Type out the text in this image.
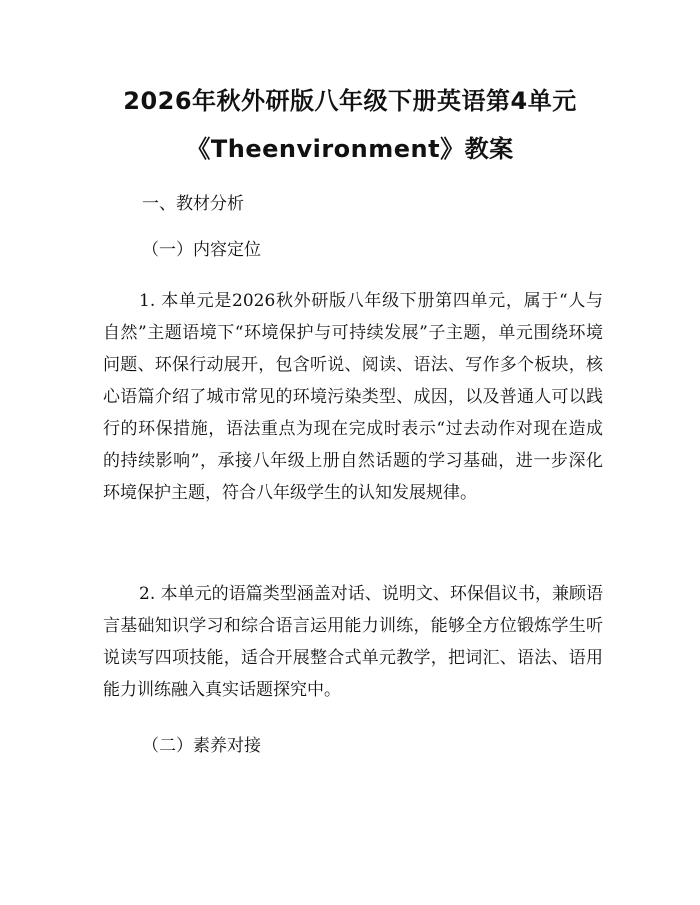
2026年秋外研版八年级下册英语第4单元
《Theenvironment》教案
一、教材分析
（一）内容定位
1. 本单元是2026秋外研版八年级下册第四单元，属于“人与自然”主题语境下“环境保护与可持续发展”子主题，单元围绕环境问题、环保行动展开，包含听说、阅读、语法、写作多个板块，核心语篇介绍了城市常见的环境污染类型、成因，以及普通人可以践行的环保措施，语法重点为现在完成时表示“过去动作对现在造成的持续影响”，承接八年级上册自然话题的学习基础，进一步深化环境保护主题，符合八年级学生的认知发展规律。
2. 本单元的语篇类型涵盖对话、说明文、环保倡议书，兼顾语言基础知识学习和综合语言运用能力训练，能够全方位锻炼学生听说读写四项技能，适合开展整合式单元教学，把词汇、语法、语用能力训练融入真实话题探究中。
（二）素养对接
